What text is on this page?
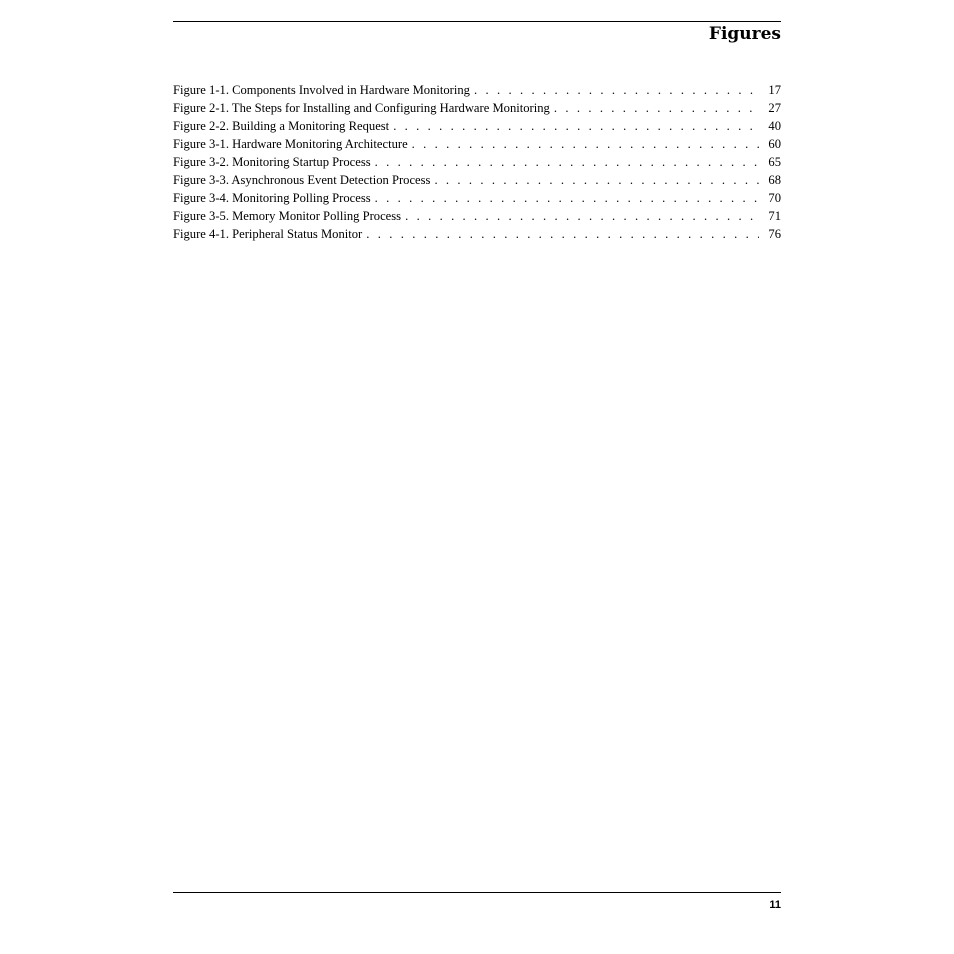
Figures
Figure 1-1. Components Involved in Hardware Monitoring . . .	17
Figure 2-1. The Steps for Installing and Configuring Hardware Monitoring . . .	27
Figure 2-2. Building a Monitoring Request . . .	40
Figure 3-1. Hardware Monitoring Architecture . . .	60
Figure 3-2. Monitoring Startup Process . . .	65
Figure 3-3. Asynchronous Event Detection Process . . .	68
Figure 3-4. Monitoring Polling Process . . .	70
Figure 3-5. Memory Monitor Polling Process . . .	71
Figure 4-1. Peripheral Status Monitor . . .	76
11
